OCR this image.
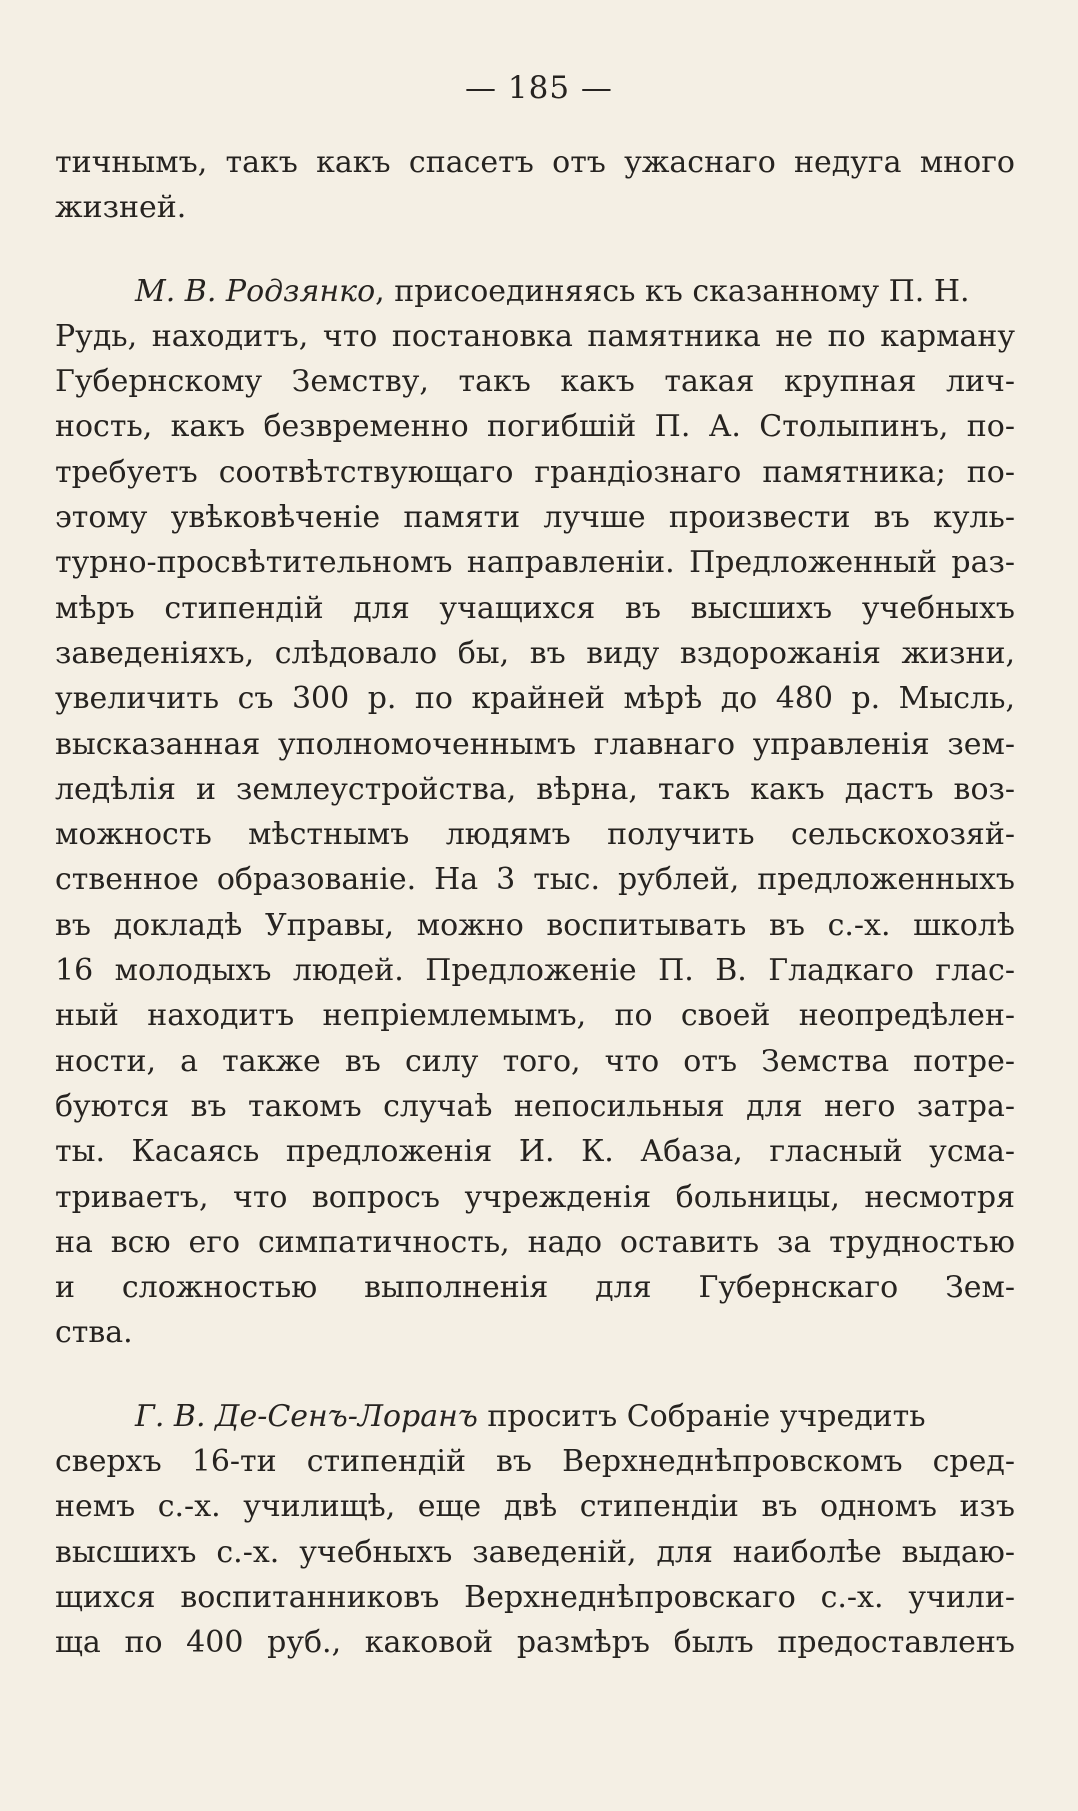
— 185 —
тичнымъ, такъ какъ спасетъ отъ ужаснаго недуга много
жизней.
М. В. Родзянко, присоединяясь къ сказанному П. Н.
Рудь, находитъ, что постановка памятника не по карману
Губернскому Земству, такъ какъ такая крупная лич-
ность, какъ безвременно погибшій П. А. Столыпинъ, по-
требуетъ соотвѣтствующаго грандіознаго памятника; по-
этому увѣковѣченіе памяти лучше произвести въ куль-
турно-просвѣтительномъ направленіи. Предложенный раз-
мѣръ стипендій для учащихся въ высшихъ учебныхъ
заведеніяхъ, слѣдовало бы, въ виду вздорожанія жизни,
увеличить съ 300 р. по крайней мѣрѣ до 480 р. Мысль,
высказанная уполномоченнымъ главнаго управленія зем-
ледѣлія и землеустройства, вѣрна, такъ какъ дастъ воз-
можность мѣстнымъ людямъ получить сельскохозяй-
ственное образованіе. На 3 тыс. рублей, предложенныхъ
въ докладѣ Управы, можно воспитывать въ с.-х. школѣ
16 молодыхъ людей. Предложеніе П. В. Гладкаго глас-
ный находитъ непріемлемымъ, по своей неопредѣлен-
ности, а также въ силу того, что отъ Земства потре-
буются въ такомъ случаѣ непосильныя для него затра-
ты. Касаясь предложенія И. К. Абаза, гласный усма-
триваетъ, что вопросъ учрежденія больницы, несмотря
на всю его симпатичность, надо оставить за трудностью
и сложностью выполненія для Губернскаго Зем-
ства.
Г. В. Де-Сенъ-Лоранъ проситъ Собраніе учредить
сверхъ 16-ти стипендій въ Верхнеднѣпровскомъ сред-
немъ с.-х. училищѣ, еще двѣ стипендіи въ одномъ изъ
высшихъ с.-х. учебныхъ заведеній, для наиболѣе выдаю-
щихся воспитанниковъ Верхнеднѣпровскаго с.-х. учили-
ща по 400 руб., каковой размѣръ былъ предоставленъ
